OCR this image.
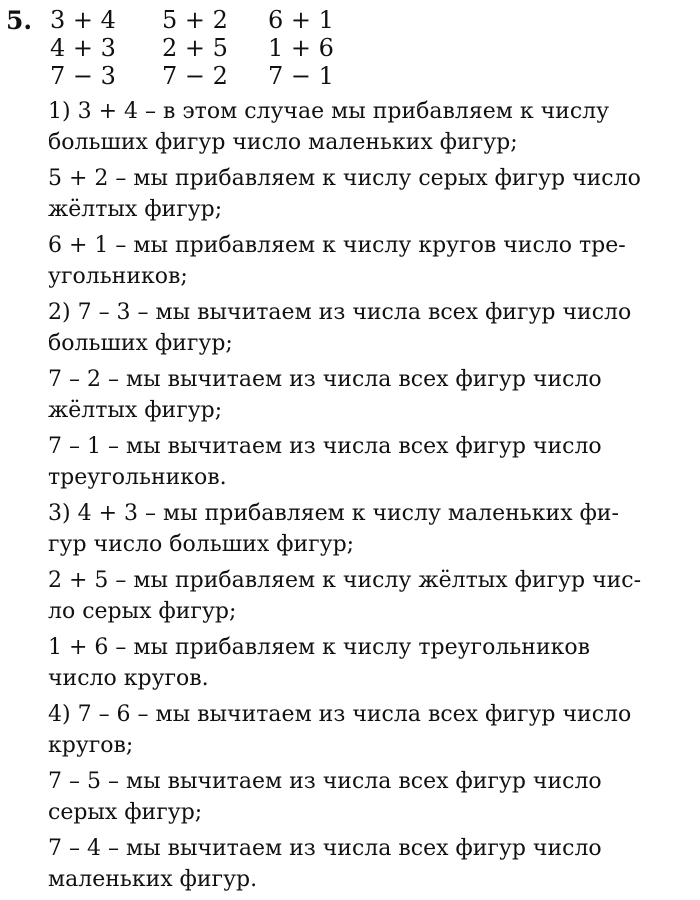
5. 3 + 4	5 + 2	6 + 1
4 + 3	2 + 5	1 + 6
7 − 3	7 − 2	7 − 1
1) 3 + 4 – в этом случае мы прибавляем к числу
больших фигур число маленьких фигур;
5 + 2 – мы прибавляем к числу серых фигур число
жёлтых фигур;
6 + 1 – мы прибавляем к числу кругов число тре-
угольников;
2) 7 – 3 – мы вычитаем из числа всех фигур число
больших фигур;
7 – 2 – мы вычитаем из числа всех фигур число
жёлтых фигур;
7 – 1 – мы вычитаем из числа всех фигур число
треугольников.
3) 4 + 3 – мы прибавляем к числу маленьких фи-
гур число больших фигур;
2 + 5 – мы прибавляем к числу жёлтых фигур чис-
ло серых фигур;
1 + 6 – мы прибавляем к числу треугольников
число кругов.
4) 7 – 6 – мы вычитаем из числа всех фигур число
кругов;
7 – 5 – мы вычитаем из числа всех фигур число
серых фигур;
7 – 4 – мы вычитаем из числа всех фигур число
маленьких фигур.
